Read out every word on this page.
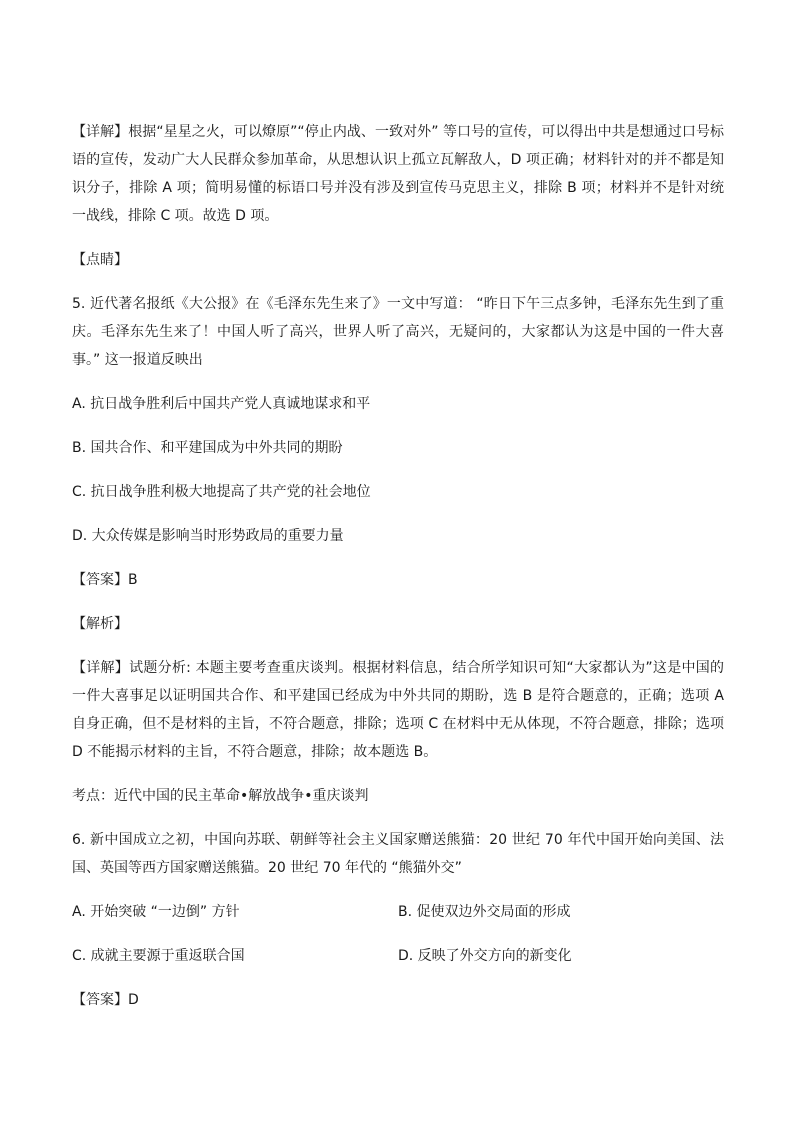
【详解】根据“星星之火，可以燎原”“停止内战、一致对外” 等口号的宣传，可以得出中共是想通过口号标语的宣传，发动广大人民群众参加革命，从思想认识上孤立瓦解敌人，D 项正确；材料针对的并不都是知识分子，排除 A 项；简明易懂的标语口号并没有涉及到宣传马克思主义，排除 B 项；材料并不是针对统一战线，排除 C 项。故选 D 项。

【点睛】

5. 近代著名报纸《大公报》在《毛泽东先生来了》一文中写道： “昨日下午三点多钟，毛泽东先生到了重庆。毛泽东先生来了！中国人听了高兴，世界人听了高兴，无疑问的，大家都认为这是中国的一件大喜事。” 这一报道反映出

A. 抗日战争胜利后中国共产党人真诚地谋求和平

B. 国共合作、和平建国成为中外共同的期盼

C. 抗日战争胜利极大地提高了共产党的社会地位

D. 大众传媒是影响当时形势政局的重要力量

【答案】B

【解析】

【详解】试题分析: 本题主要考查重庆谈判。根据材料信息，结合所学知识可知“大家都认为”这是中国的一件大喜事足以证明国共合作、和平建国已经成为中外共同的期盼，选 B 是符合题意的，正确；选项 A 自身正确，但不是材料的主旨，不符合题意，排除；选项 C 在材料中无从体现，不符合题意，排除；选项 D 不能揭示材料的主旨，不符合题意，排除；故本题选 B。

考点：近代中国的民主革命•解放战争•重庆谈判

6. 新中国成立之初，中国向苏联、朝鲜等社会主义国家赠送熊猫：20 世纪 70 年代中国开始向美国、法国、英国等西方国家赠送熊猫。20 世纪 70 年代的 “熊猫外交”

A. 开始突破 “一边倒” 方针	B. 促使双边外交局面的形成
C. 成就主要源于重返联合国	D. 反映了外交方向的新变化

【答案】D
